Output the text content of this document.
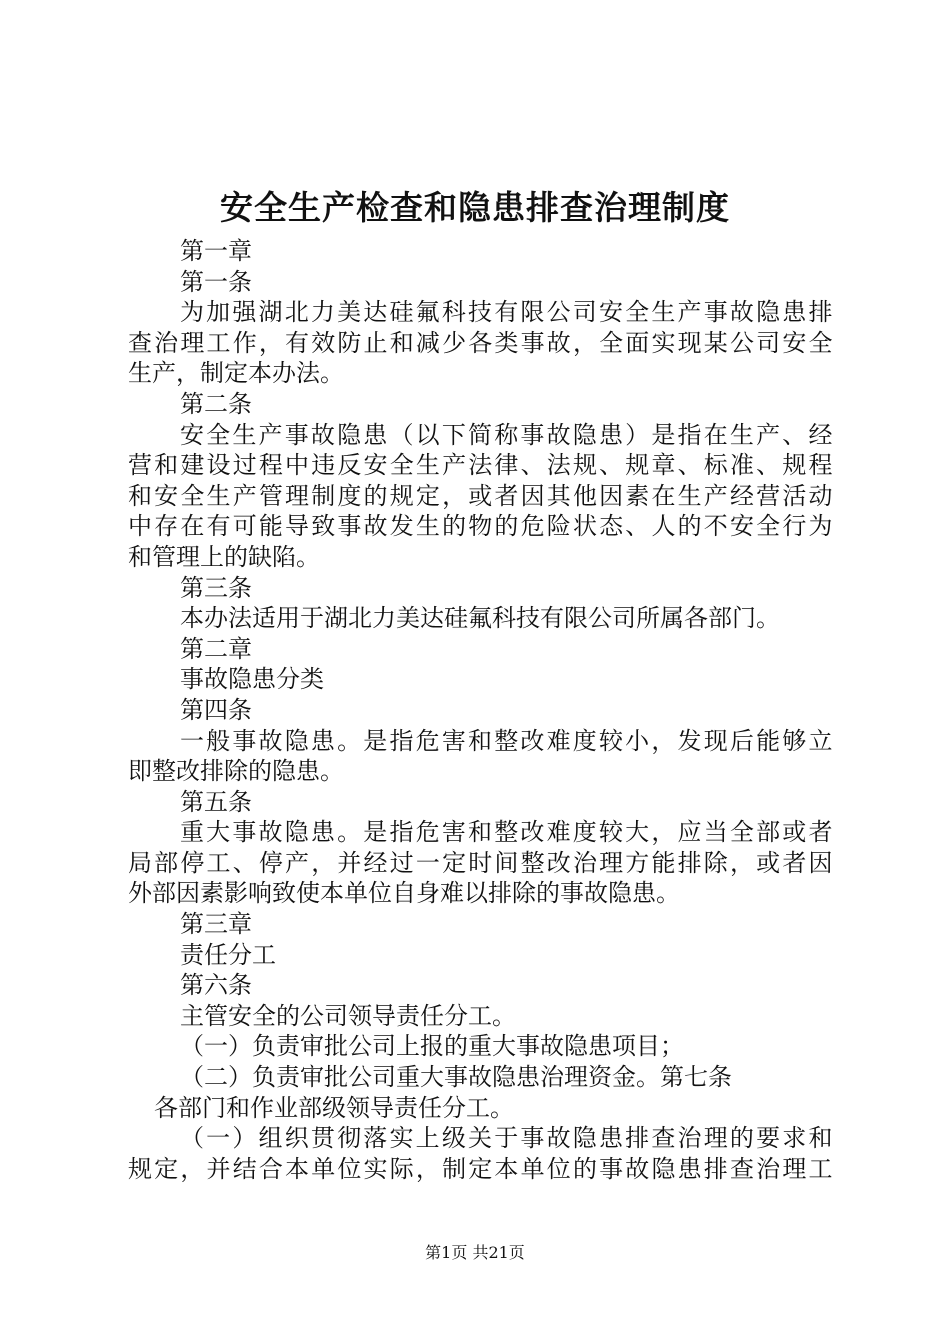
安全生产检查和隐患排查治理制度
第一章
第一条
为加强湖北力美达硅氟科技有限公司安全生产事故隐患排
查治理工作，有效防止和减少各类事故，全面实现某公司安全
生产，制定本办法。
第二条
安全生产事故隐患（以下简称事故隐患）是指在生产、经
营和建设过程中违反安全生产法律、法规、规章、标准、规程
和安全生产管理制度的规定，或者因其他因素在生产经营活动
中存在有可能导致事故发生的物的危险状态、人的不安全行为
和管理上的缺陷。
第三条
本办法适用于湖北力美达硅氟科技有限公司所属各部门。
第二章
事故隐患分类
第四条
一般事故隐患。是指危害和整改难度较小，发现后能够立
即整改排除的隐患。
第五条
重大事故隐患。是指危害和整改难度较大，应当全部或者
局部停工、停产，并经过一定时间整改治理方能排除，或者因
外部因素影响致使本单位自身难以排除的事故隐患。
第三章
责任分工
第六条
主管安全的公司领导责任分工。
（一）负责审批公司上报的重大事故隐患项目；
（二）负责审批公司重大事故隐患治理资金。第七条
各部门和作业部级领导责任分工。
（一）组织贯彻落实上级关于事故隐患排查治理的要求和
规定，并结合本单位实际，制定本单位的事故隐患排查治理工
第1页 共21页
